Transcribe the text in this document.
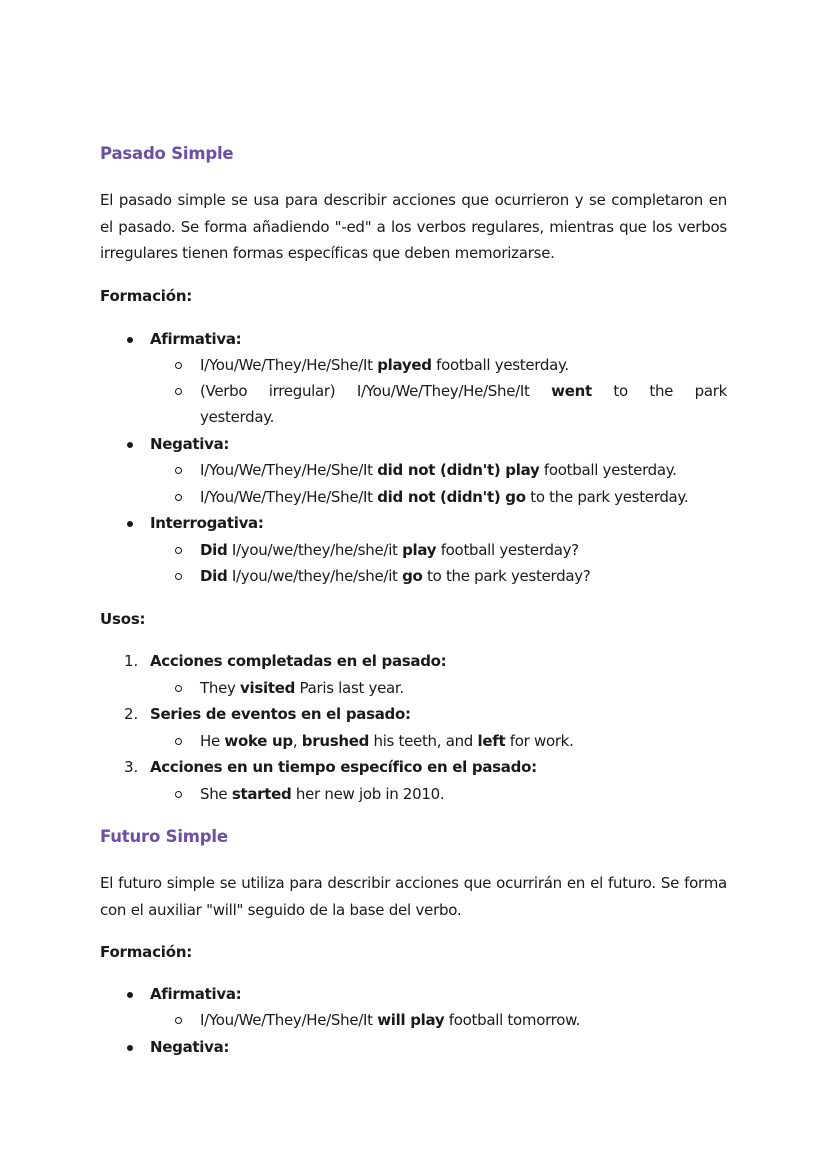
Pasado Simple
El pasado simple se usa para describir acciones que ocurrieron y se completaron en el pasado. Se forma añadiendo "-ed" a los verbos regulares, mientras que los verbos irregulares tienen formas específicas que deben memorizarse.
Formación:
Afirmativa:
I/You/We/They/He/She/It played football yesterday.
(Verbo irregular) I/You/We/They/He/She/It went to the park
yesterday.
Negativa:
I/You/We/They/He/She/It did not (didn't) play football yesterday.
I/You/We/They/He/She/It did not (didn't) go to the park yesterday.
Interrogativa:
Did I/you/we/they/he/she/it play football yesterday?
Did I/you/we/they/he/she/it go to the park yesterday?
Usos:
1. Acciones completadas en el pasado:
They visited Paris last year.
2. Series de eventos en el pasado:
He woke up, brushed his teeth, and left for work.
3. Acciones en un tiempo específico en el pasado:
She started her new job in 2010.
Futuro Simple
El futuro simple se utiliza para describir acciones que ocurrirán en el futuro. Se forma con el auxiliar "will" seguido de la base del verbo.
Formación:
Afirmativa:
I/You/We/They/He/She/It will play football tomorrow.
Negativa:
